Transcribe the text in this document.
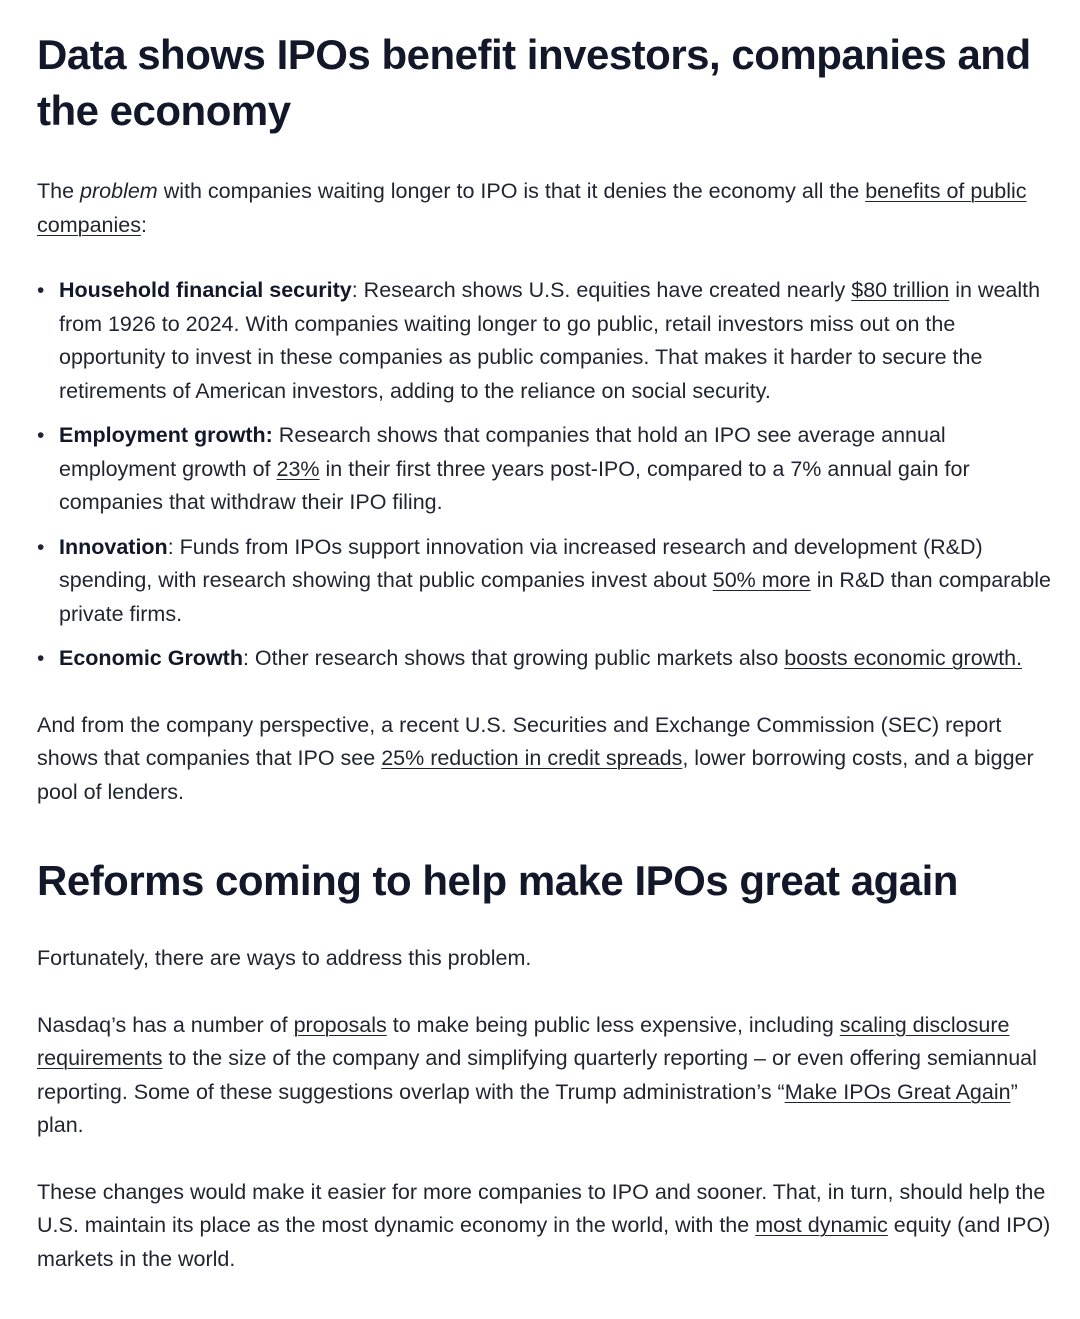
Data shows IPOs benefit investors, companies and the economy

The problem with companies waiting longer to IPO is that it denies the economy all the benefits of public companies:

• Household financial security: Research shows U.S. equities have created nearly $80 trillion in wealth from 1926 to 2024. With companies waiting longer to go public, retail investors miss out on the opportunity to invest in these companies as public companies. That makes it harder to secure the retirements of American investors, adding to the reliance on social security.
• Employment growth: Research shows that companies that hold an IPO see average annual employment growth of 23% in their first three years post-IPO, compared to a 7% annual gain for companies that withdraw their IPO filing.
• Innovation: Funds from IPOs support innovation via increased research and development (R&D) spending, with research showing that public companies invest about 50% more in R&D than comparable private firms.
• Economic Growth: Other research shows that growing public markets also boosts economic growth.

And from the company perspective, a recent U.S. Securities and Exchange Commission (SEC) report shows that companies that IPO see 25% reduction in credit spreads, lower borrowing costs, and a bigger pool of lenders.

Reforms coming to help make IPOs great again

Fortunately, there are ways to address this problem.

Nasdaq’s has a number of proposals to make being public less expensive, including scaling disclosure requirements to the size of the company and simplifying quarterly reporting – or even offering semiannual reporting. Some of these suggestions overlap with the Trump administration’s “Make IPOs Great Again” plan.

These changes would make it easier for more companies to IPO and sooner. That, in turn, should help the U.S. maintain its place as the most dynamic economy in the world, with the most dynamic equity (and IPO) markets in the world.
